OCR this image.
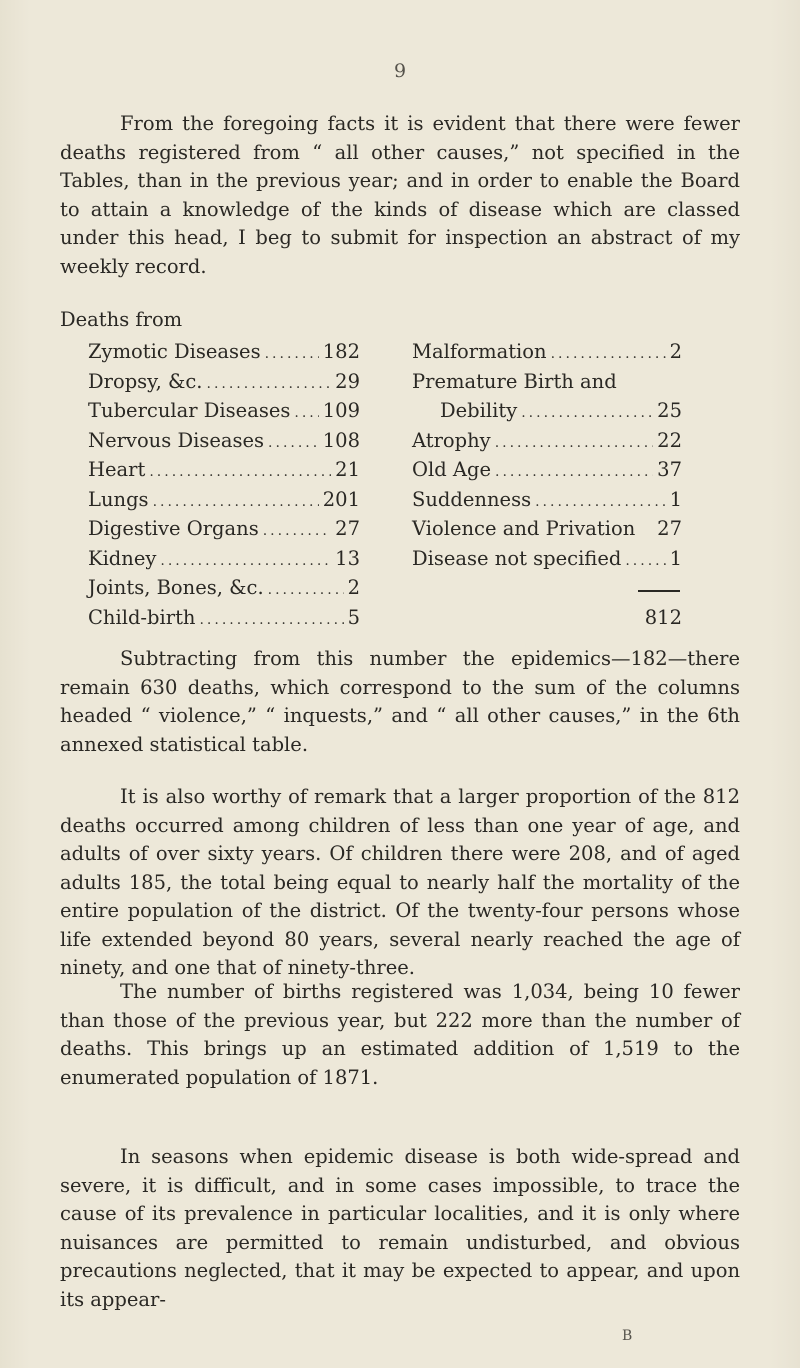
9

From the foregoing facts it is evident that there were fewer deaths registered from “ all other causes,” not specified in the Tables, than in the previous year; and in order to enable the Board to attain a knowledge of the kinds of disease which are classed under this head, I beg to submit for inspection an abstract of my weekly record.

Deaths from
Zymotic Diseases .....	182
Dropsy, &c. .....	29
Tubercular Diseases ..... 109
Nervous Diseases .....	108
Heart .....	21
Lungs .....	201
Digestive Organs .....	27
Kidney .....	13
Joints, Bones, &c. .....	2
Child-birth .....	5
Malformation .....	2
Premature Birth and
Debility .....	25
Atrophy .....	22
Old Age .....	37
Suddenness .....	1
Violence and Privation 27
Disease not specified ..... 1
812

Subtracting from this number the epidemics—182—there remain 630 deaths, which correspond to the sum of the columns headed “ violence,” “ inquests,” and “ all other causes,” in the 6th annexed statistical table.

It is also worthy of remark that a larger proportion of the 812 deaths occurred among children of less than one year of age, and adults of over sixty years. Of children there were 208, and of aged adults 185, the total being equal to nearly half the mortality of the entire population of the district. Of the twenty-four persons whose life extended beyond 80 years, several nearly reached the age of ninety, and one that of ninety-three.

The number of births registered was 1,034, being 10 fewer than those of the previous year, but 222 more than the number of deaths. This brings up an estimated addition of 1,519 to the enumerated population of 1871.

In seasons when epidemic disease is both wide-spread and severe, it is difficult, and in some cases impossible, to trace the cause of its prevalence in particular localities, and it is only where nuisances are permitted to remain undisturbed, and obvious precautions neglected, that it may be expected to appear, and upon its appear-

B
